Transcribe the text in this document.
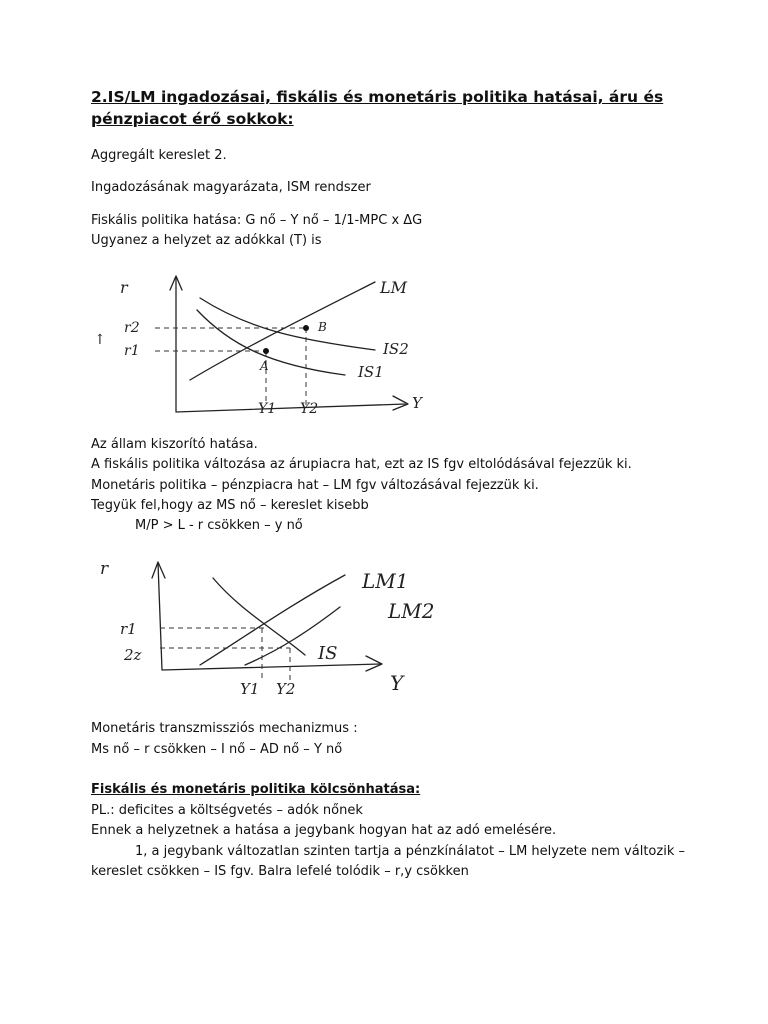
2.IS/LM ingadozásai, fiskális és monetáris politika hatásai, áru és pénzpiacot érő sokkok:
Aggregált kereslet 2.
Ingadozásának magyarázata, ISM rendszer
Fiskális politika hatása: G nő – Y nő – 1/1-MPC x ΔG
Ugyanez a helyzet az adókkal (T) is
r	LM
B
A
IS2
IS1
r2
r1
↑
Y1 Y2	Y
Az állam kiszorító hatása.
A fiskális politika változása az árupiacra hat, ezt az IS fgv eltolódásával fejezzük ki.
Monetáris politika – pénzpiacra hat – LM fgv változásával fejezzük ki.
Tegyük fel,hogy az MS nő – kereslet kisebb
M/P > L - r csökken – y nő
r	LM1
LM2
IS
r1
2z
Y1 Y2	Y
Monetáris transzmissziós mechanizmus :
Ms nő – r csökken – I nő – AD nő – Y nő
Fiskális és monetáris politika kölcsönhatása:
PL.: deficites a költségvetés – adók nőnek
Ennek a helyzetnek a hatása a jegybank hogyan hat az adó emelésére.
1, a jegybank változatlan szinten tartja a pénzkínálatot – LM helyzete nem változik –
kereslet csökken – IS fgv. Balra lefelé tolódik – r,y csökken
